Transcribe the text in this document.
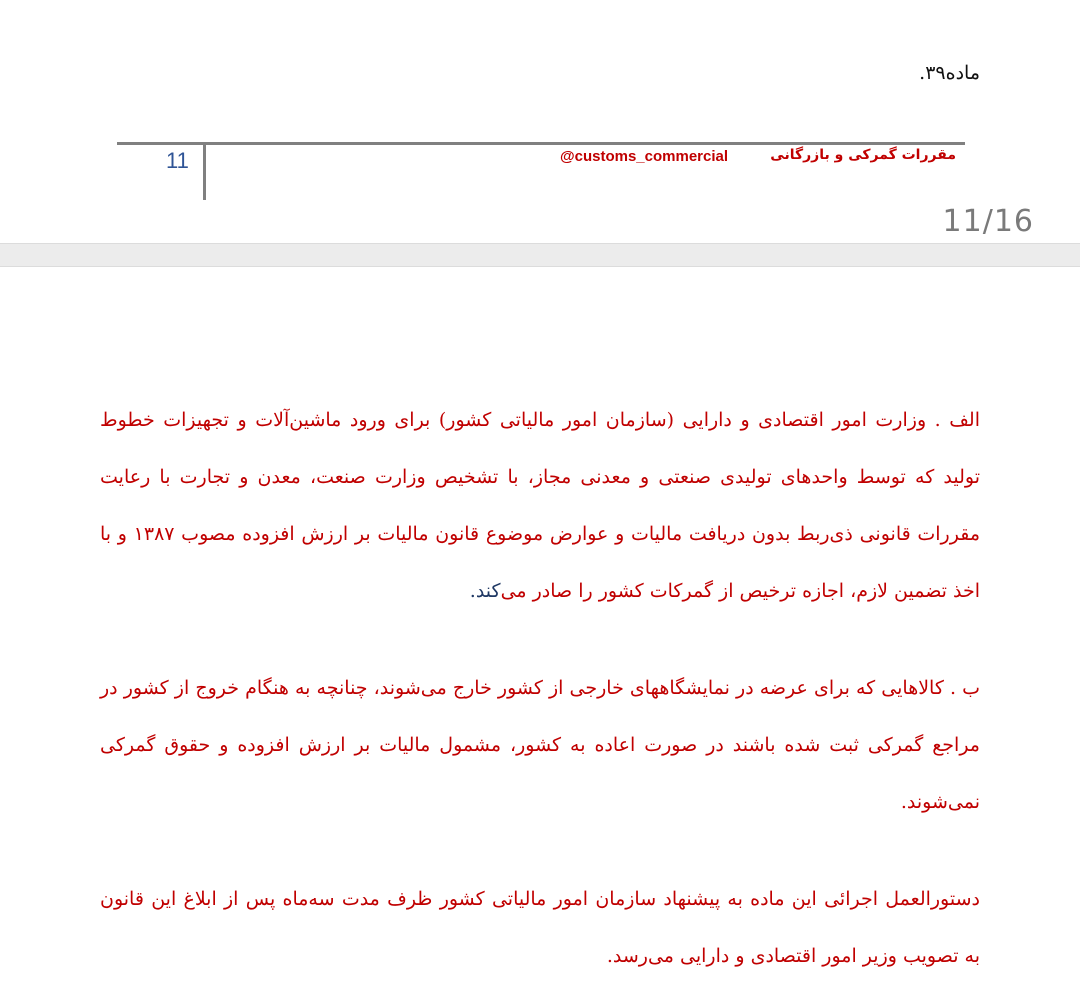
ماده۳۹.
11	@customs_commercial	مقررات گمرکی و بازرگانی
11/16

الف . وزارت امور اقتصادی و دارایی (سازمان امور مالیاتی کشور) برای ورود ماشین‌آلات و تجهیزات خطوط تولید که توسط واحدهای تولیدی صنعتی و معدنی مجاز، با تشخیص وزارت صنعت، معدن و تجارت با رعایت مقررات قانونی ذی‌ربط بدون دریافت مالیات و عوارض موضوع قانون مالیات بر ارزش افزوده مصوب ۱۳۸۷ و با اخذ تضمین لازم، اجازه ترخیص از گمرکات کشور را صادر می‌کند.

ب . کالاهایی که برای عرضه در نمایشگاههای خارجی از کشور خارج می‌شوند، چنانچه به هنگام خروج از کشور در مراجع گمرکی ثبت شده باشند در صورت اعاده به کشور، مشمول مالیات بر ارزش افزوده و حقوق گمرکی نمی‌شوند.

دستورالعمل اجرائی این ماده به پیشنهاد سازمان امور مالیاتی کشور ظرف مدت سه‌ماه پس از ابلاغ این قانون به تصویب وزیر امور اقتصادی و دارایی می‌رسد.
